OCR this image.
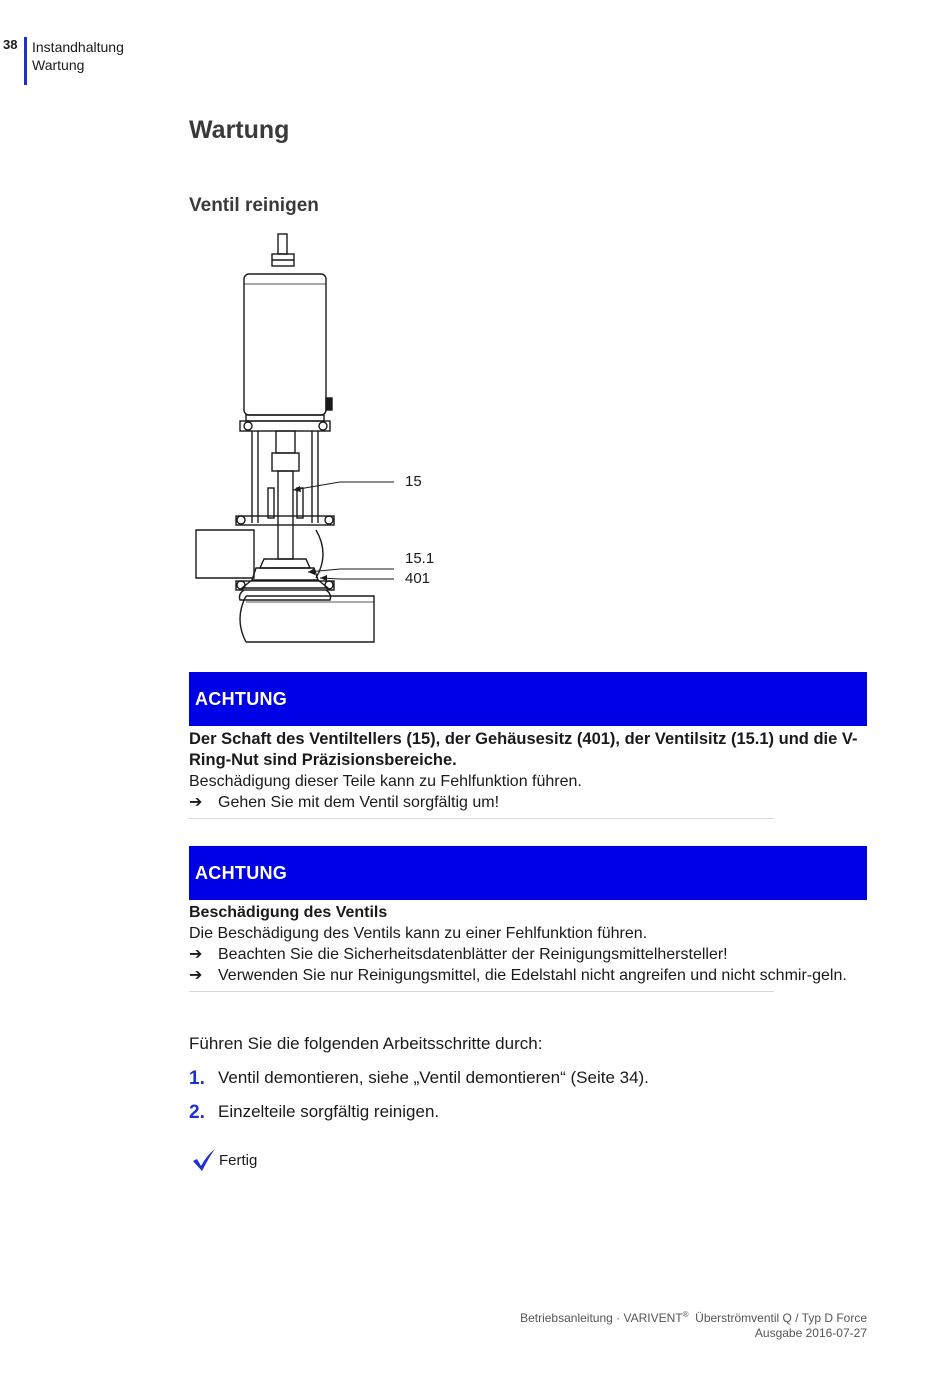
38 Instandhaltung
Wartung
Wartung
Ventil reinigen
15
15.1
401
ACHTUNG
Der Schaft des Ventiltellers (15), der Gehäusesitz (401), der Ventilsitz (15.1) und die V-Ring-Nut sind Präzisionsbereiche.
Beschädigung dieser Teile kann zu Fehlfunktion führen.
➔ Gehen Sie mit dem Ventil sorgfältig um!
ACHTUNG
Beschädigung des Ventils
Die Beschädigung des Ventils kann zu einer Fehlfunktion führen.
➔ Beachten Sie die Sicherheitsdatenblätter der Reinigungsmittelhersteller!
➔ Verwenden Sie nur Reinigungsmittel, die Edelstahl nicht angreifen und nicht schmir-geln.
Führen Sie die folgenden Arbeitsschritte durch:
1. Ventil demontieren, siehe „Ventil demontieren“ (Seite 34).
2. Einzelteile sorgfältig reinigen.
Fertig
Betriebsanleitung · VARIVENT®  Überströmventil Q / Typ D Force
Ausgabe 2016-07-27
